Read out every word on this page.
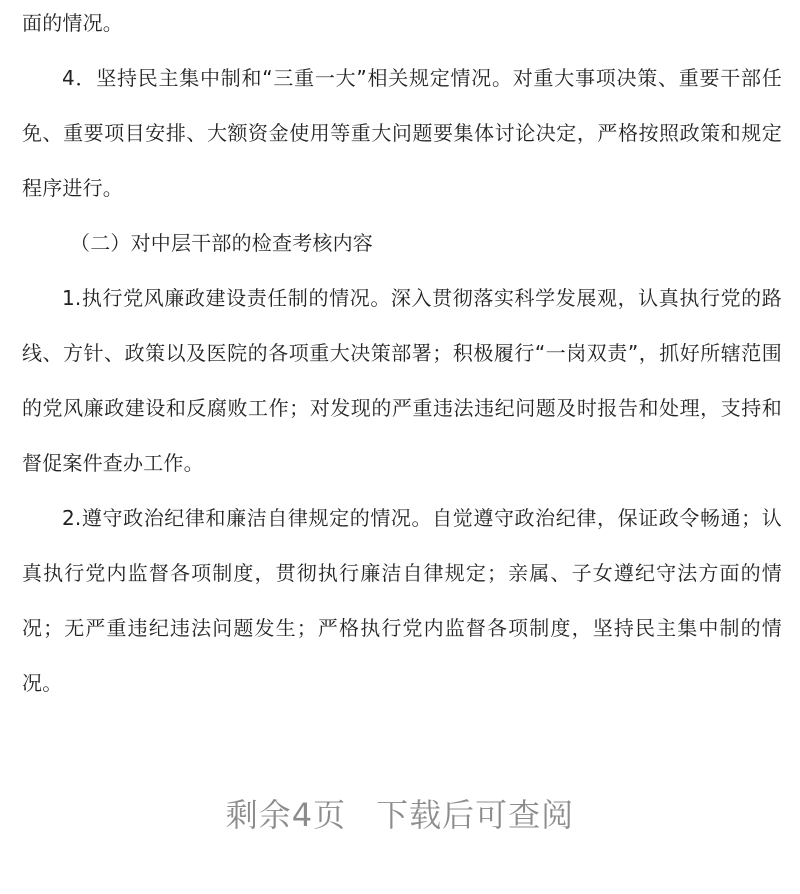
面的情况。

4．坚持民主集中制和“三重一大”相关规定情况。对重大事项决策、重要干部任免、重要项目安排、大额资金使用等重大问题要集体讨论决定，严格按照政策和规定程序进行。

（二）对中层干部的检查考核内容

1.执行党风廉政建设责任制的情况。深入贯彻落实科学发展观，认真执行党的路线、方针、政策以及医院的各项重大决策部署；积极履行“一岗双责”，抓好所辖范围的党风廉政建设和反腐败工作；对发现的严重违法违纪问题及时报告和处理，支持和督促案件查办工作。

2.遵守政治纪律和廉洁自律规定的情况。自觉遵守政治纪律，保证政令畅通；认真执行党内监督各项制度，贯彻执行廉洁自律规定；亲属、子女遵纪守法方面的情况；无严重违纪违法问题发生；严格执行党内监督各项制度，坚持民主集中制的情况。

剩余4页 下载后可查阅
